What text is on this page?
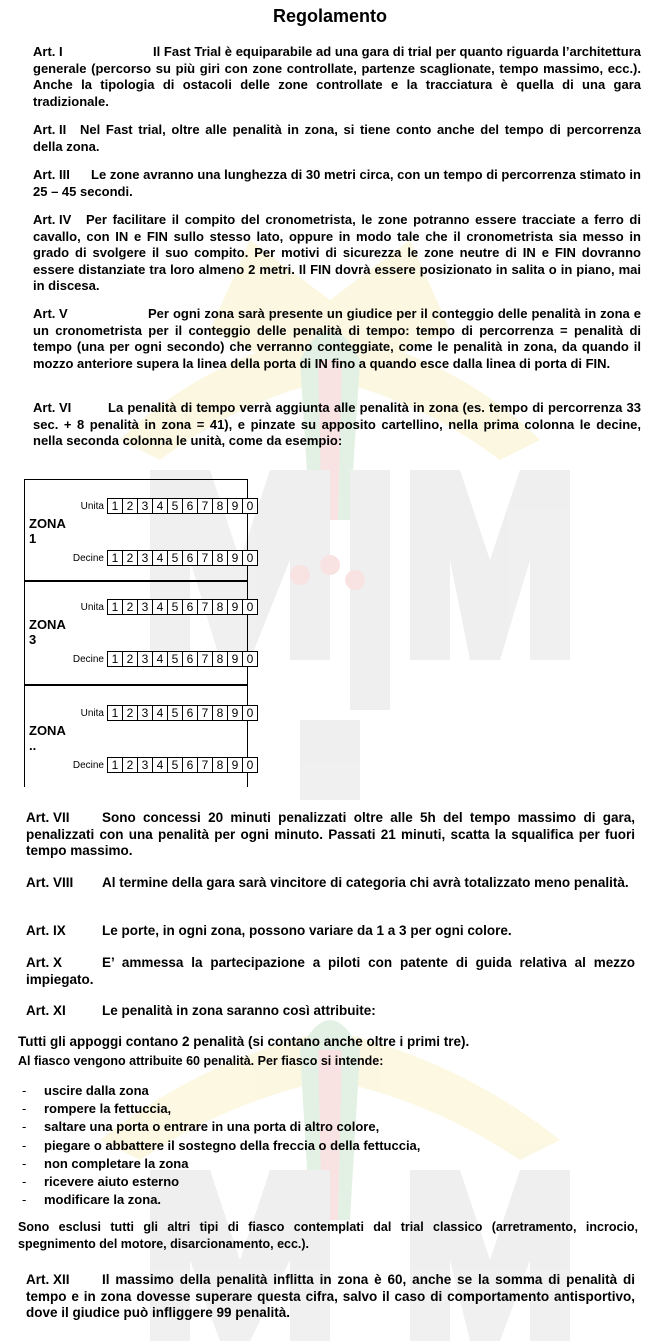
Regolamento

Art. I	Il Fast Trial è equiparabile ad una gara di trial per quanto riguarda l’architettura generale (percorso su più giri con zone controllate, partenze scaglionate, tempo massimo, ecc.). Anche la tipologia di ostacoli delle zone controllate e la tracciatura è quella di una gara tradizionale.

Art. II Nel Fast trial, oltre alle penalità in zona, si tiene conto anche del tempo di percorrenza della zona.

Art. III Le zone avranno una lunghezza di 30 metri circa, con un tempo di percorrenza stimato in 25 – 45 secondi.

Art. IV Per facilitare il compito del cronometrista, le zone potranno essere tracciate a ferro di cavallo, con IN e FIN sullo stesso lato, oppure in modo tale che il cronometrista sia messo in grado di svolgere il suo compito. Per motivi di sicurezza le zone neutre di IN e FIN dovranno essere distanziate tra loro almeno 2 metri. Il FIN dovrà essere posizionato in salita o in piano, mai in discesa.

Art. V	Per ogni zona sarà presente un giudice per il conteggio delle penalità in zona e un cronometrista per il conteggio delle penalità di tempo: tempo di percorrenza = penalità di tempo (una per ogni secondo) che verranno conteggiate, come le penalità in zona, da quando il mozzo anteriore supera la linea della porta di IN fino a quando esce dalla linea di porta di FIN.

Art. VI	La penalità di tempo verrà aggiunta alle penalità in zona (es. tempo di percorrenza 33 sec. + 8 penalità in zona = 41), e pinzate su apposito cartellino, nella prima colonna le decine, nella seconda colonna le unità, come da esempio:

Unita 1 2 3 4 5 6 7 8 9 0
ZONA
1
Decine 1 2 3 4 5 6 7 8 9 0
Unita 1 2 3 4 5 6 7 8 9 0
ZONA
3
Decine 1 2 3 4 5 6 7 8 9 0
Unita 1 2 3 4 5 6 7 8 9 0
ZONA
..
Decine 1 2 3 4 5 6 7 8 9 0

Art. VII Sono concessi 20 minuti penalizzati oltre alle 5h del tempo massimo di gara, penalizzati con una penalità per ogni minuto. Passati 21 minuti, scatta la squalifica per fuori tempo massimo.

Art. VIII Al termine della gara sarà vincitore di categoria chi avrà totalizzato meno penalità.

Art. IX	Le porte, in ogni zona, possono variare da 1 a 3 per ogni colore.

Art. X	E’ ammessa la partecipazione a piloti con patente di guida relativa al mezzo impiegato.

Art. XI	Le penalità in zona saranno così attribuite:

Tutti gli appoggi contano 2 penalità (si contano anche oltre i primi tre).

Al fiasco vengono attribuite 60 penalità. Per fiasco si intende:

- uscire dalla zona
- rompere la fettuccia,
- saltare una porta o entrare in una porta di altro colore,
- piegare o abbattere il sostegno della freccia o della fettuccia,
- non completare la zona
- ricevere aiuto esterno
- modificare la zona.

Sono esclusi tutti gli altri tipi di fiasco contemplati dal trial classico (arretramento, incrocio, spegnimento del motore, disarcionamento, ecc.).

Art. XII Il massimo della penalità inflitta in zona è 60, anche se la somma di penalità di tempo e in zona dovesse superare questa cifra, salvo il caso di comportamento antisportivo, dove il giudice può infliggere 99 penalità.
